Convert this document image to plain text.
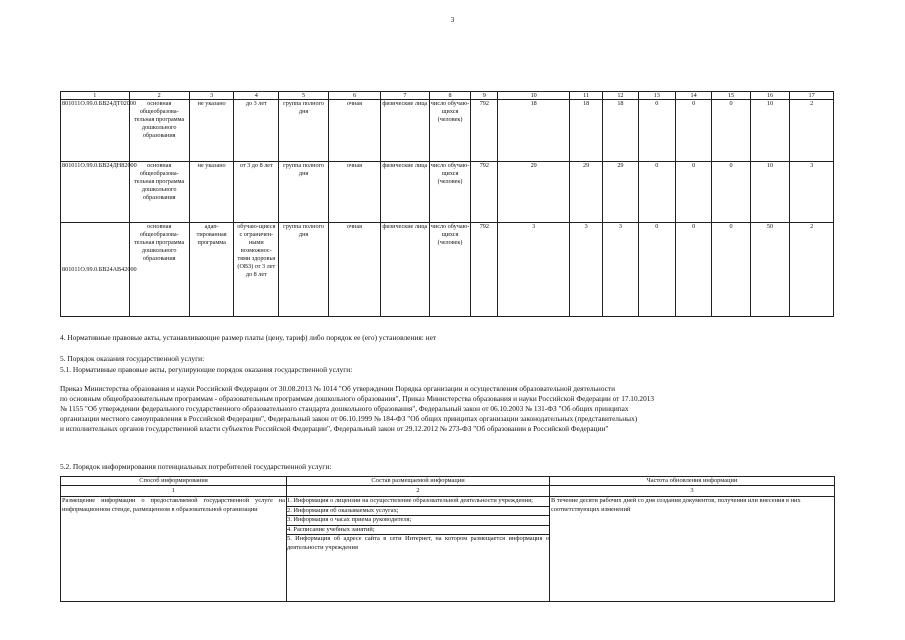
3
1	2	3	4	5	6	7	8	9	10	11	12	13	14	15	16	17
801011О.99.0.БВ24ДТ02000	основная общеобразова-тельная программа дошкольного образования	не указано	до 3 лет	группа полного дня	очная	физические лица	число обучаю-щихся (человек)	792	18	18	18	0	0	0	10	2
801011О.99.0.БВ24ДН82000	основная общеобразова-тельная программа дошкольного образования	не указано	от 3 до 8 лет	группа полного дня	очная	физические лица	число обучаю-щихся (человек)	792	29	29	29	0	0	0	10	3
801011О.99.0.БВ24АВ42000	основная общеобразова-тельная программа дошкольного образования	адап-тированная программа	обучаю-щиеся с ограничен-ными возможнос-тями здоровья (ОВЗ) от 3 лет до 8 лет	группа полного дня	очная	физические лица	число обучаю-щихся (человек)	792	3	3	3	0	0	0	50	2
4. Нормативные правовые акты, устанавливающие размер платы (цену, тариф) либо порядок ее (его) установления: нет
5. Порядок оказания государственной услуги:
5.1. Нормативные правовые акты, регулирующие порядок оказания государственной услуги:
Приказ Министерства образования и науки Российской Федерации от 30.08.2013 № 1014 "Об утверждении Порядка организации и осуществления образовательной деятельности
по основным общеобразовательным программам - образовательным программам дошкольного образования", Приказ Министерства образования и науки Российской Федерации от 17.10.2013
№ 1155 "Об утверждении федерального государственного образовательного стандарта дошкольного образования", Федеральный закон от 06.10.2003 № 131-ФЗ "Об общих принципах
организации местного самоуправления в Российской Федерации", Федеральный закон от 06.10.1999 № 184-ФЗ "Об общих принципах организации законодательных (представительных)
и исполнительных органов государственной власти субъектов Российской Федерации", Федеральный закон от 29.12.2012 № 273-ФЗ "Об образовании в Российской Федерации"
5.2. Порядок информирования потенциальных потребителей государственной услуги:
Способ информирования	Состав размещаемой информации	Частота обновления информации
1	2	3
Размещение информации о предоставляемой государственной услуге на информационном стенде, размещенном в образовательной организации	1. Информация о лицензии на осуществление образовательной деятельности учреждения;
2. Информация об оказываемых услугах;
3. Информация о часах приема руководителя;
4. Расписание учебных занятий;
5. Информация об адресе сайта в сети Интернет, на котором размещается информация о деятельности учреждения	В течение десяти рабочих дней со дня создания документов, получения или внесения в них соответствующих изменений
